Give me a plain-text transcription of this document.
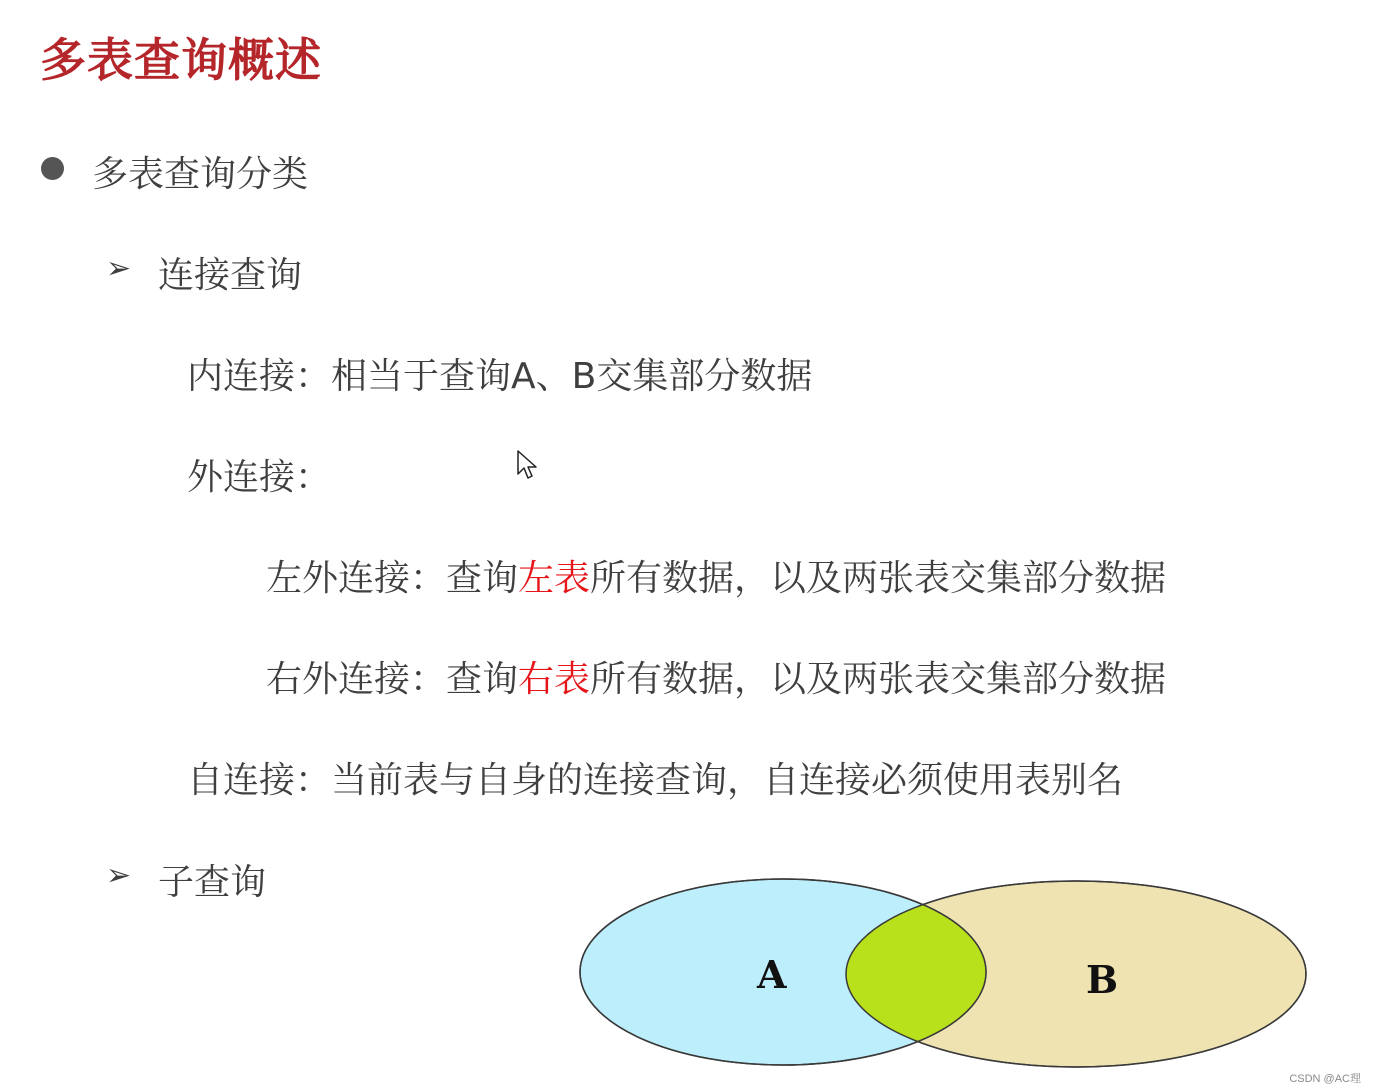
多表查询概述
多表查询分类
➢ 连接查询
内连接：相当于查询A、B交集部分数据
外连接：
左外连接：查询左表所有数据，以及两张表交集部分数据
右外连接：查询右表所有数据，以及两张表交集部分数据
自连接：当前表与自身的连接查询，自连接必须使用表别名
➢ 子查询
A	B
CSDN @AC理
